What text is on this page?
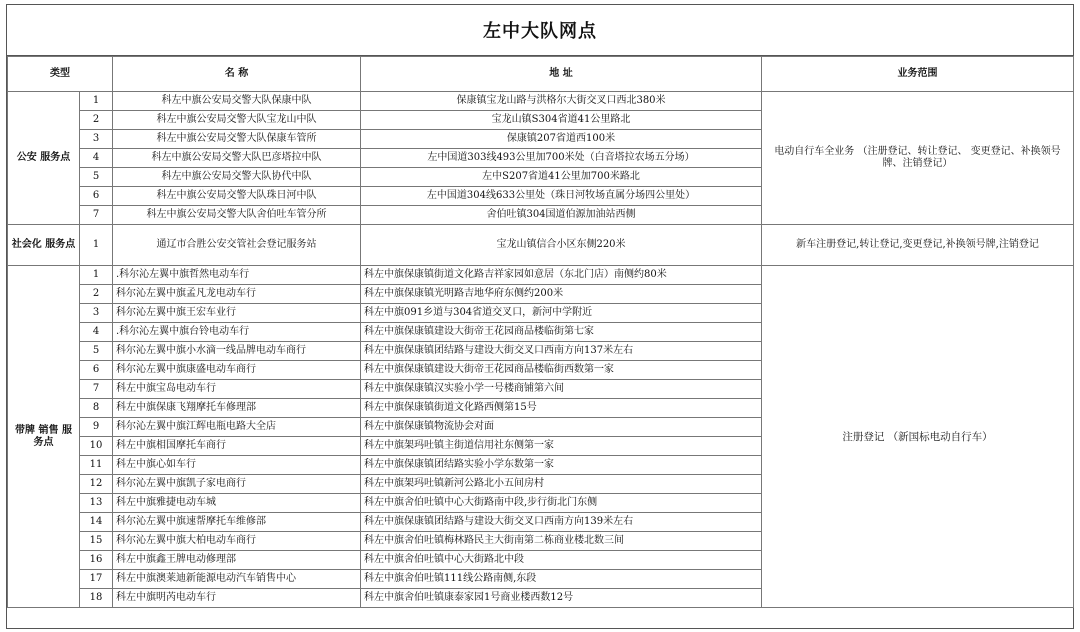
左中大队网点
类型		名 称	地 址	业务范围
公安 服务点	1	科左中旗公安局交警大队保康中队	保康镇宝龙山路与洪格尔大街交叉口西北380米	电动自行车全业务 （注册登记、转让登记、 变更登记、补换领号牌、注销登记）
	2	科左中旗公安局交警大队宝龙山中队	宝龙山镇S304省道41公里路北	
	3	科左中旗公安局交警大队保康车管所	保康镇207省道西100米	
	4	科左中旗公安局交警大队巴彦塔拉中队	左中国道303线493公里加700米处（白音塔拉农场五分场）	
	5	科左中旗公安局交警大队协代中队	左中S207省道41公里加700米路北	
	6	科左中旗公安局交警大队珠日河中队	左中国道304线633公里处（珠日河牧场直属分场四公里处）	
	7	科左中旗公安局交警大队舍伯吐车管分所	舍伯吐镇304国道伯源加油站西侧	
社会化 服务点	1	通辽市合胜公安交管社会登记服务站	宝龙山镇信合小区东侧220米	新车注册登记,转让登记,变更登记,补换领号牌,注销登记
带牌 销售 服务点	1	.科尔沁左翼中旗哲然电动车行	科左中旗保康镇街道文化路吉祥家园如意居（东北门店）南侧约80米	注册登记 （新国标电动自行车）
	2	科尔沁左翼中旗孟凡龙电动车行	科左中旗保康镇光明路吉地华府东侧约200米	
	3	科尔沁左翼中旗王宏车业行	科左中旗091乡道与304省道交叉口，新河中学附近	
	4	.科尔沁左翼中旗台铃电动车行	科左中旗保康镇建设大街帝王花园商品楼临街第七家	
	5	科尔沁左翼中旗小水滴一线品牌电动车商行	科左中旗保康镇团结路与建设大街交叉口西南方向137米左右	
	6	科尔沁左翼中旗康盛电动车商行	科左中旗保康镇建设大街帝王花园商品楼临街西数第一家	
	7	科左中旗宝岛电动车行	科左中旗保康镇汉实验小学一号楼商铺第六间	
	8	科左中旗保康飞翔摩托车修理部	科左中旗保康镇街道文化路西侧第15号	
	9	科尔沁左翼中旗江辉电瓶电路大全店	科左中旗保康镇物流协会对面	
	10	科左中旗相国摩托车商行	科左中旗架玛吐镇主街道信用社东侧第一家	
	11	科左中旗心如车行	科左中旗保康镇团结路实验小学东数第一家	
	12	科尔沁左翼中旗凯子家电商行	科左中旗架玛吐镇新河公路北小五间房村	
	13	科左中旗雅捷电动车城	科左中旗舍伯吐镇中心大街路南中段,步行街北门东侧	
	14	科尔沁左翼中旗速帮摩托车维修部	科左中旗保康镇团结路与建设大街交叉口西南方向139米左右	
	15	科尔沁左翼中旗大柏电动车商行	科左中旗舍伯吐镇梅林路民主大街南第二栋商业楼北数三间	
	16	科左中旗鑫王牌电动修理部	科左中旗舍伯吐镇中心大街路北中段	
	17	科左中旗澳莱迪新能源电动汽车销售中心	科左中旗舍伯吐镇111线公路南侧,东段	
	18	科左中旗明芮电动车行	科左中旗舍伯吐镇康泰家园1号商业楼西数12号	
